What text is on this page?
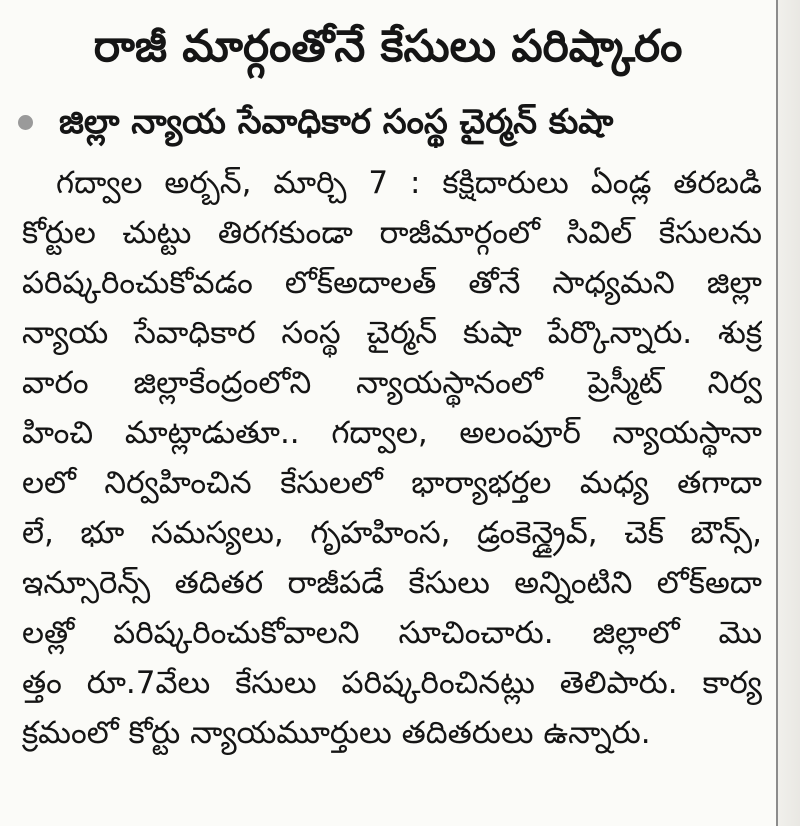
రాజీ మార్గంతోనే కేసులు పరిష్కారం
జిల్లా న్యాయ సేవాధికార సంస్థ చైర్మన్ కుషా
గద్వాల అర్బన్, మార్చి 7 : కక్షిదారులు ఏండ్ల తరబడి
కోర్టుల చుట్టు తిరగకుండా రాజీమార్గంలో సివిల్ కేసులను
పరిష్కరించుకోవడం లోక్అదాలత్ తోనే సాధ్యమని జిల్లా
న్యాయ సేవాధికార సంస్థ చైర్మన్ కుషా పేర్కొన్నారు. శుక్ర
వారం జిల్లాకేంద్రంలోని న్యాయస్థానంలో ప్రెస్మీట్ నిర్వ
హించి మాట్లాడుతూ.. గద్వాల, అలంపూర్ న్యాయస్థానా
లలో నిర్వహించిన కేసులలో భార్యాభర్తల మధ్య తగాదా
లే, భూ సమస్యలు, గృహహింస, డ్రంకెన్డ్రైవ్, చెక్ బౌన్స్,
ఇన్సూరెన్స్ తదితర రాజీపడే కేసులు అన్నింటిని లోక్అదా
లత్లో పరిష్కరించుకోవాలని సూచించారు. జిల్లాలో మొ
త్తం రూ.7వేలు కేసులు పరిష్కరించినట్లు తెలిపారు. కార్య
క్రమంలో కోర్టు న్యాయమూర్తులు తదితరులు ఉన్నారు.
